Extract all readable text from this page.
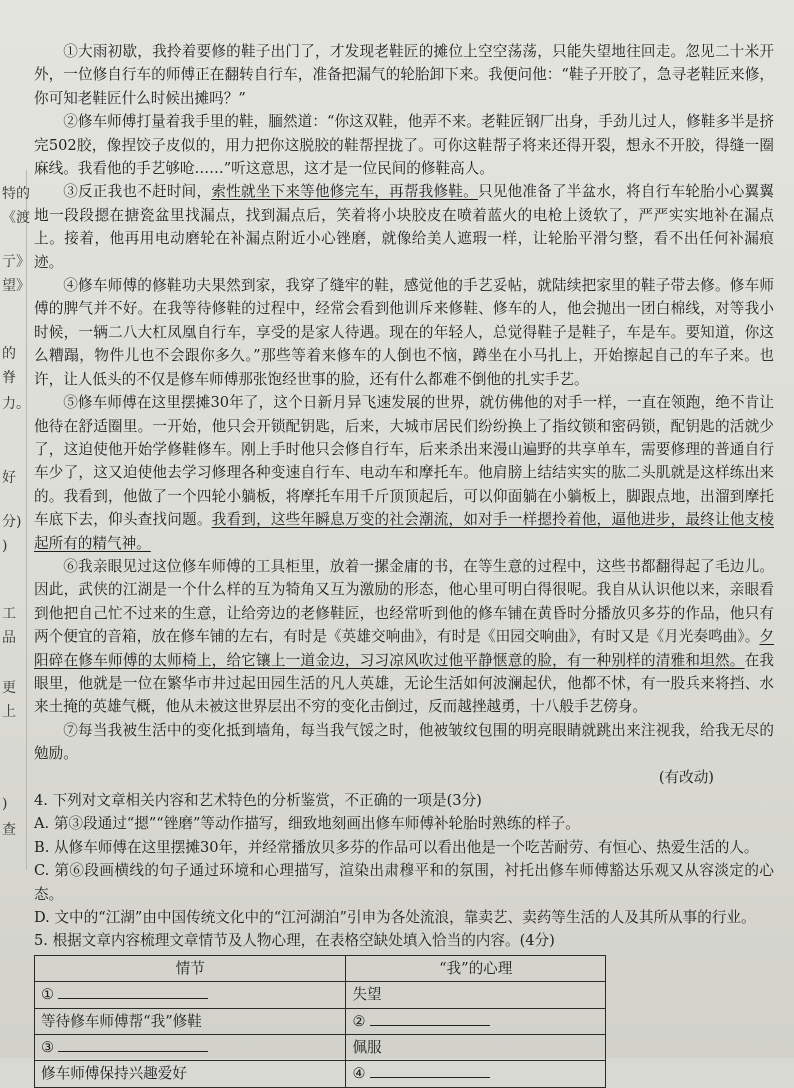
特的
《渡
亍》
望》
的
脊
力。
好
分)
)
工
品
更
上
)
查

①大雨初歇，我拎着要修的鞋子出门了，才发现老鞋匠的摊位上空空荡荡，只能失望地往回走。忽见二十米开外，一位修自行车的师傅正在翻转自行车，准备把漏气的轮胎卸下来。我便问他：“鞋子开胶了，急寻老鞋匠来修，你可知老鞋匠什么时候出摊吗？”

②修车师傅打量着我手里的鞋，腼然道：“你这双鞋，他弄不来。老鞋匠钢厂出身，手劲儿过人，修鞋多半是挤完502胶，像捏饺子皮似的，用力把你这脱胶的鞋帮捏拢了。可你这鞋帮子将来还得开裂，想永不开胶，得缝一圈麻线。我看他的手艺够呛……”听这意思，这才是一位民间的修鞋高人。

③反正我也不赶时间，索性就坐下来等他修完车，再帮我修鞋。只见他准备了半盆水，将自行车轮胎小心翼翼地一段段摁在搪瓷盆里找漏点，找到漏点后，笑着将小块胶皮在喷着蓝火的电枪上烫软了，严严实实地补在漏点上。接着，他再用电动磨轮在补漏点附近小心锉磨，就像给美人遮瑕一样，让轮胎平滑匀整，看不出任何补漏痕迹。

④修车师傅的修鞋功夫果然到家，我穿了缝牢的鞋，感觉他的手艺妥帖，就陆续把家里的鞋子带去修。修车师傅的脾气并不好。在我等待修鞋的过程中，经常会看到他训斥来修鞋、修车的人，他会抛出一团白棉线，对等我小时候，一辆二八大杠凤凰自行车，享受的是家人待遇。现在的年轻人，总觉得鞋子是鞋子，车是车。要知道，你这么糟蹋，物件儿也不会跟你多久。”那些等着来修车的人倒也不恼，蹲坐在小马扎上，开始擦起自己的车子来。也许，让人低头的不仅是修车师傅那张饱经世事的脸，还有什么都难不倒他的扎实手艺。

⑤修车师傅在这里摆摊30年了，这个日新月异飞速发展的世界，就仿佛他的对手一样，一直在领跑，绝不肯让他待在舒适圈里。一开始，他只会开锁配钥匙，后来，大城市居民们纷纷换上了指纹锁和密码锁，配钥匙的活就少了，这迫使他开始学修鞋修车。刚上手时他只会修自行车，后来杀出来漫山遍野的共享单车，需要修理的普通自行车少了，这又迫使他去学习修理各种变速自行车、电动车和摩托车。他肩膀上结结实实的肱二头肌就是这样练出来的。我看到，他做了一个四轮小躺板，将摩托车用千斤顶顶起后，可以仰面躺在小躺板上，脚跟点地，出溜到摩托车底下去，仰头查找问题。我看到，这些年瞬息万变的社会潮流，如对手一样摁拎着他，逼他进步，最终让他支棱起所有的精气神。

⑥我亲眼见过这位修车师傅的工具柜里，放着一摞金庸的书，在等生意的过程中，这些书都翻得起了毛边儿。因此，武侠的江湖是一个什么样的互为犄角又互为激励的形态，他心里可明白得很呢。我自从认识他以来，亲眼看到他把自己忙不过来的生意，让给旁边的老修鞋匠，也经常听到他的修车铺在黄昏时分播放贝多芬的作品，他只有两个便宜的音箱，放在修车铺的左右，有时是《英雄交响曲》，有时是《田园交响曲》，有时又是《月光奏鸣曲》。夕阳碎在修车师傅的太师椅上，给它镶上一道金边，习习凉风吹过他平静惬意的脸，有一种别样的清雅和坦然。在我眼里，他就是一位在繁华市井过起田园生活的凡人英雄，无论生活如何波澜起伏，他都不怵，有一股兵来将挡、水来土掩的英雄气概，他从未被这世界层出不穷的变化击倒过，反而越挫越勇，十八般手艺傍身。

⑦每当我被生活中的变化抵到墙角，每当我气馁之时，他被皱纹包围的明亮眼睛就跳出来注视我，给我无尽的勉励。

(有改动)

4. 下列对文章相关内容和艺术特色的分析鉴赏，不正确的一项是(3分)

A. 第③段通过“摁”“锉磨”等动作描写，细致地刻画出修车师傅补轮胎时熟练的样子。

B. 从修车师傅在这里摆摊30年，并经常播放贝多芬的作品可以看出他是一个吃苦耐劳、有恒心、热爱生活的人。

C. 第⑥段画横线的句子通过环境和心理描写，渲染出肃穆平和的氛围，衬托出修车师傅豁达乐观又从容淡定的心态。

D. 文中的“江湖”由中国传统文化中的“江河湖泊”引申为各处流浪，靠卖艺、卖药等生活的人及其所从事的行业。

5. 根据文章内容梳理文章情节及人物心理，在表格空缺处填入恰当的内容。(4分)

情节	“我”的心理
①	失望
等待修车师傅帮“我”修鞋	②
③	佩服
修车师傅保持兴趣爱好	④
